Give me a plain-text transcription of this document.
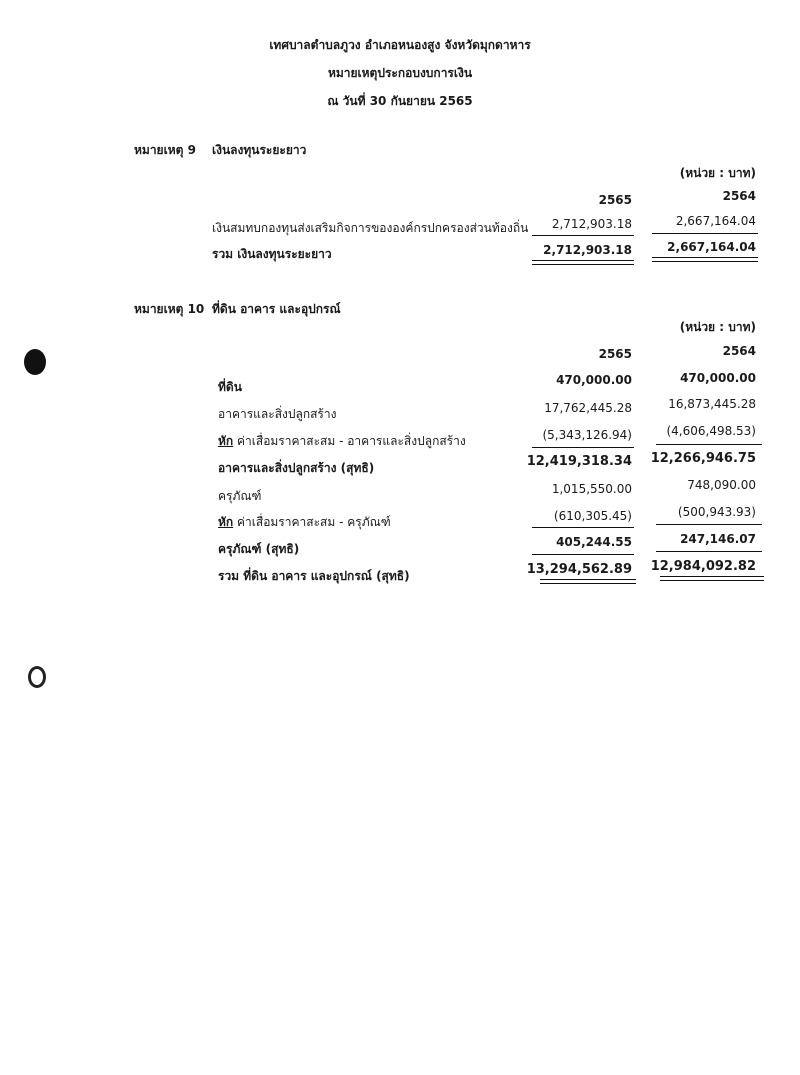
เทศบาลตำบลภูวง อำเภอหนองสูง จังหวัดมุกดาหาร
หมายเหตุประกอบงบการเงิน
ณ วันที่ 30 กันยายน 2565
หมายเหตุ 9 เงินลงทุนระยะยาว
(หน่วย : บาท)
2565	2564
เงินสมทบกองทุนส่งเสริมกิจการขององค์กรปกครองส่วนท้องถิ่น 2,712,903.18	2,667,164.04
รวม เงินลงทุนระยะยาว	2,712,903.18	2,667,164.04
หมายเหตุ 10 ที่ดิน อาคาร และอุปกรณ์
(หน่วย : บาท)
2565	2564
ที่ดิน	470,000.00	470,000.00
อาคารและสิ่งปลูกสร้าง	17,762,445.28	16,873,445.28
หัก ค่าเสื่อมราคาสะสม - อาคารและสิ่งปลูกสร้าง	(5,343,126.94)	(4,606,498.53)
อาคารและสิ่งปลูกสร้าง (สุทธิ)	12,419,318.34 12,266,946.75
ครุภัณฑ์	1,015,550.00	748,090.00
หัก ค่าเสื่อมราคาสะสม - ครุภัณฑ์	(610,305.45)	(500,943.93)
ครุภัณฑ์ (สุทธิ)	405,244.55	247,146.07
รวม ที่ดิน อาคาร และอุปกรณ์ (สุทธิ)	13,294,562.89 12,984,092.82
